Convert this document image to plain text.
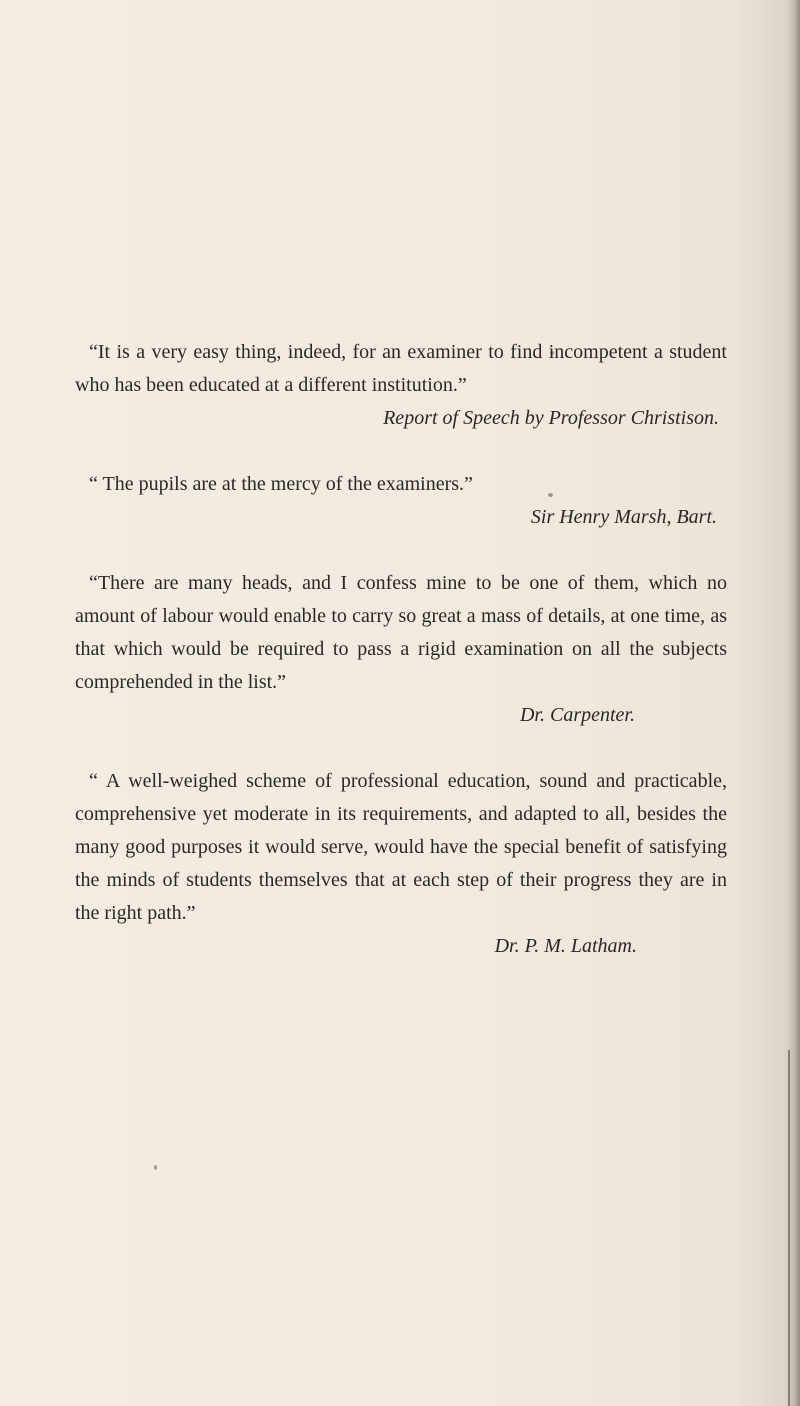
“It is a very easy thing, indeed, for an examiner to find incompetent a student who has been educated at a different institution.”

Report of Speech by Professor Christison.

“ The pupils are at the mercy of the examiners.”

Sir Henry Marsh, Bart.

“There are many heads, and I confess mine to be one of them, which no amount of labour would enable to carry so great a mass of details, at one time, as that which would be required to pass a rigid examination on all the subjects comprehended in the list.”

Dr. Carpenter.

“ A well-weighed scheme of professional education, sound and practicable, comprehensive yet moderate in its requirements, and adapted to all, besides the many good purposes it would serve, would have the special benefit of satisfying the minds of students themselves that at each step of their progress they are in the right path.”

Dr. P. M. Latham.
